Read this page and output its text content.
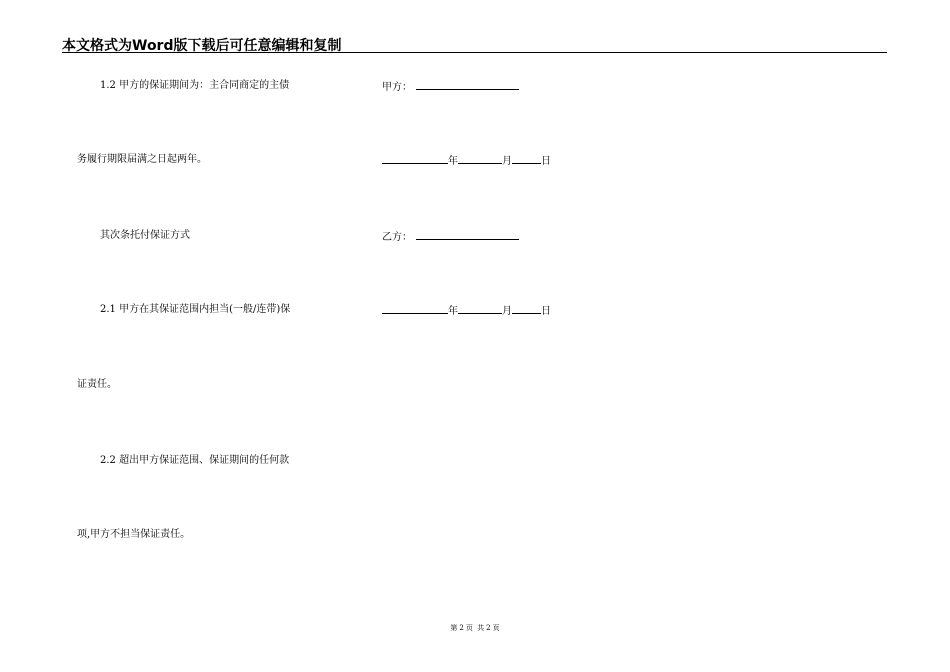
本文格式为Word版下载后可任意编辑和复制
1.2 甲方的保证期间为：主合同商定的主债
务履行期限届满之日起两年。
其次条托付保证方式
2.1 甲方在其保证范围内担当(一般/连带)保
证责任。
2.2 超出甲方保证范围、保证期间的任何款
项,甲方不担当保证责任。
甲方：
年	月	日
乙方：
年	月	日
第 2 页 共 2 页
